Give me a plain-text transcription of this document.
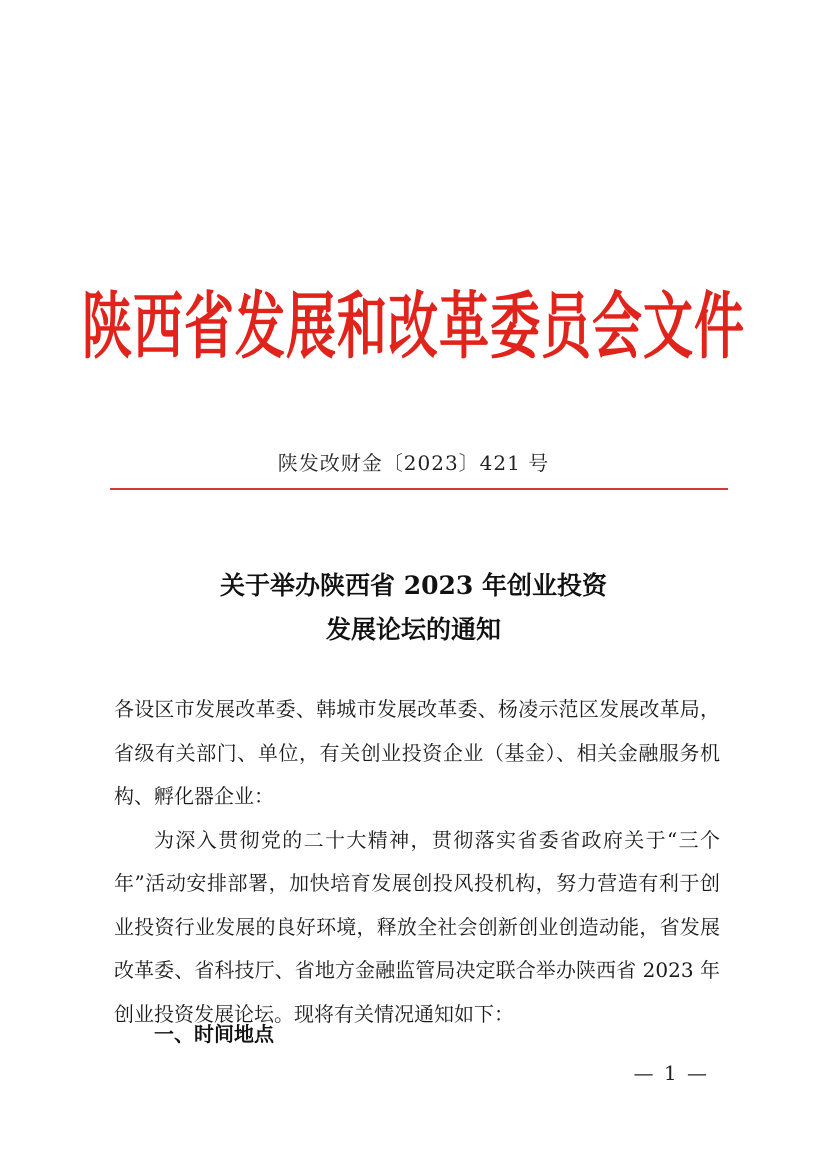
陕西省发展和改革委员会文件
陕发改财金〔2023〕421 号
关于举办陕西省 2023 年创业投资
发展论坛的通知

各设区市发展改革委、韩城市发展改革委、杨凌示范区发展改革局，省级有关部门、单位，有关创业投资企业（基金）、相关金融服务机构、孵化器企业：

为深入贯彻党的二十大精神，贯彻落实省委省政府关于“三个年”活动安排部署，加快培育发展创投风投机构，努力营造有利于创业投资行业发展的良好环境，释放全社会创新创业创造动能，省发展改革委、省科技厅、省地方金融监管局决定联合举办陕西省 2023 年创业投资发展论坛。现将有关情况通知如下：

一、时间地点
— 1 —
